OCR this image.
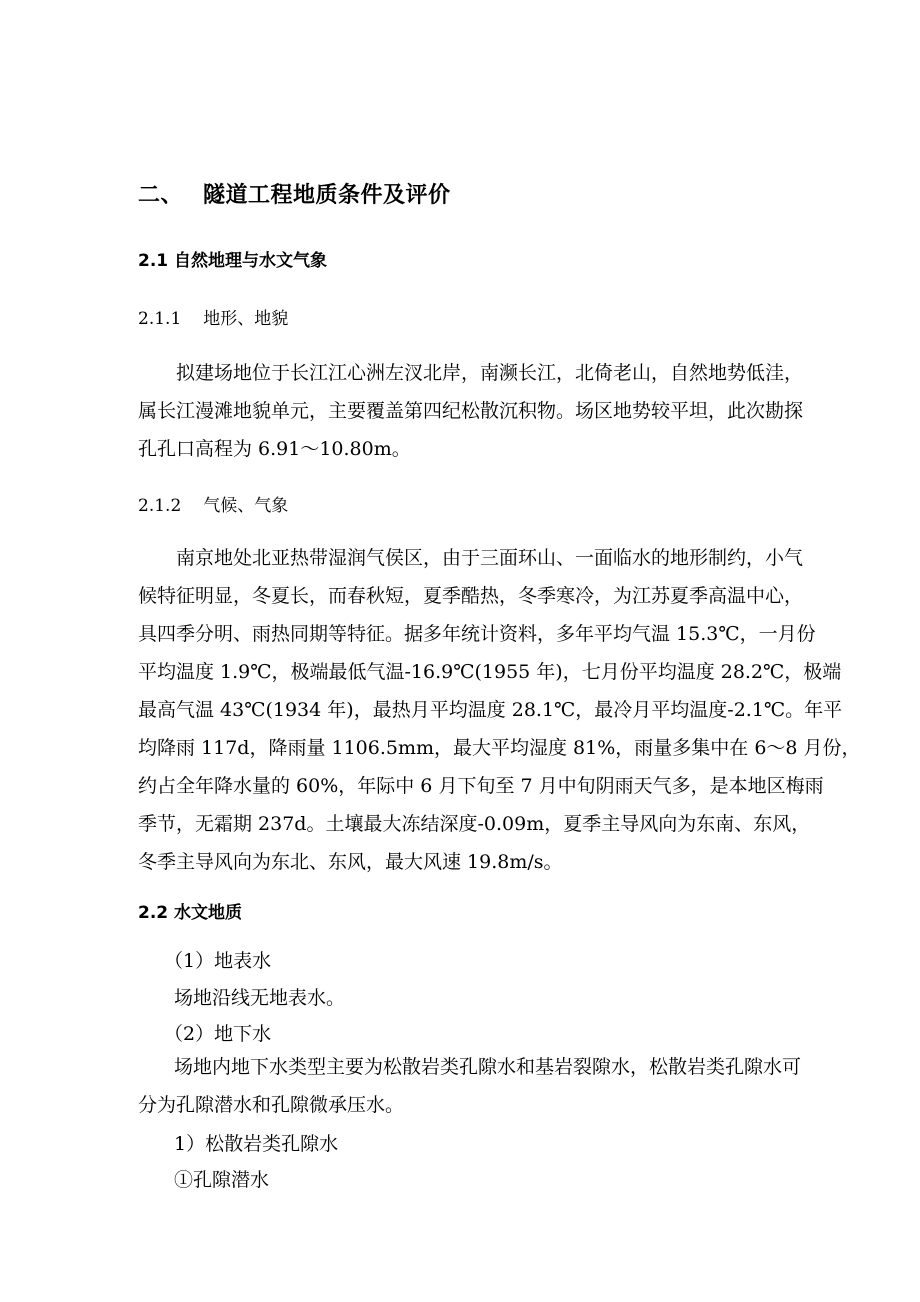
二、 隧道工程地质条件及评价
2.1 自然地理与水文气象
2.1.1 地形、地貌
拟建场地位于长江江心洲左汊北岸，南濒长江，北倚老山，自然地势低洼，
属长江漫滩地貌单元，主要覆盖第四纪松散沉积物。场区地势较平坦，此次勘探
孔孔口高程为 6.91～10.80m。
2.1.2 气候、气象
南京地处北亚热带湿润气侯区，由于三面环山、一面临水的地形制约，小气
候特征明显，冬夏长，而春秋短，夏季酷热，冬季寒冷，为江苏夏季高温中心，
具四季分明、雨热同期等特征。据多年统计资料，多年平均气温 15.3℃，一月份
平均温度 1.9℃，极端最低气温-16.9℃(1955 年)，七月份平均温度 28.2℃，极端
最高气温 43℃(1934 年)，最热月平均温度 28.1℃，最冷月平均温度-2.1℃。年平
均降雨 117d，降雨量 1106.5mm，最大平均湿度 81%，雨量多集中在 6～8 月份，
约占全年降水量的 60%，年际中 6 月下旬至 7 月中旬阴雨天气多，是本地区梅雨
季节，无霜期 237d。土壤最大冻结深度-0.09m，夏季主导风向为东南、东风，
冬季主导风向为东北、东风，最大风速 19.8m/s。
2.2 水文地质
（1）地表水
场地沿线无地表水。
（2）地下水
场地内地下水类型主要为松散岩类孔隙水和基岩裂隙水，松散岩类孔隙水可
分为孔隙潜水和孔隙微承压水。
1）松散岩类孔隙水
①孔隙潜水
